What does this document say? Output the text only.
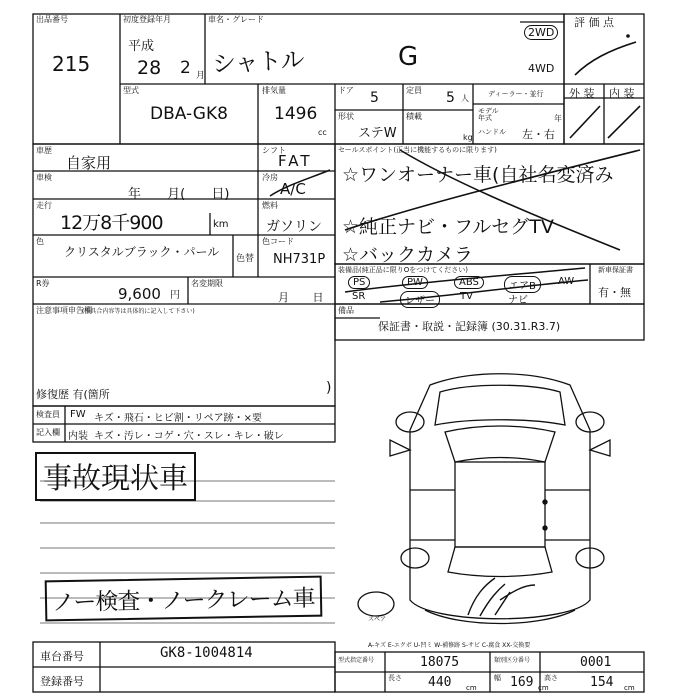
出品番号
215
初度登録年月
平成
28 2 月
車名・グレード
シャトル	G
2WD
4WD
評 価 点
外 装 内 装
型式
DBA-GK8
排気量
1496
cc
ドア 5	定員 5 人
形状
ステW
積載
kg
ディーラー・並行
モデル年式	年
ハンドル 左・右
車歴
自家用
シフト
FAT
車検
年 月( 日)
冷房
A/C
走行
12万8千900	km
燃料
ガソリン
色
クリスタルブラック・パール	色替
色コード
NH731P
R券
9,600 円
名変期限
月 日
注意事項申告欄
(不具合内容等は具体的に記入して下さい)
修復歴 有(箇所	)
セールスポイント(正当に機能するものに限ります)
☆ワンオーナー車(自社名変済み
☆純正ナビ・フルセグTV
☆バックカメラ
装備品(純正品に限りOをつけてください)
PS	PW	ABS	エアB	AW
SR	レザー	TV	ナビ
新車保証書
有・無
備品
保証書・取説・記録簿 (30.31.R3.7)
検査員
記入欄
FW キズ・飛石・ヒビ割・リペア跡・×要
内装 キズ・汚レ・コゲ・穴・スレ・キレ・破レ
事故現状車
ノー検査・ノークレーム車
スペア
A-キズ E-エクボ U-凹ミ W-補修跡 S-サビ C-腐食 XX-交換要
車台番号	GK8-1004814
登録番号
型式指定番号	18075	類別区分番号	0001
長さ 440 cm
幅 169 cm
高さ 154 cm
